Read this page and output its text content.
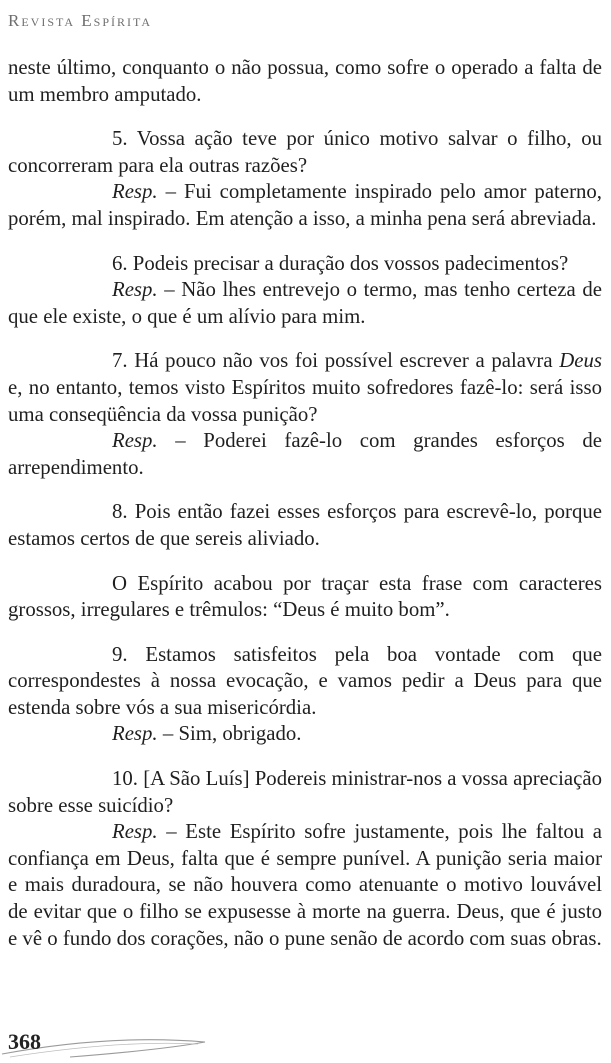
Revista Espírita

neste último, conquanto o não possua, como sofre o operado a falta de um membro amputado.

5. Vossa ação teve por único motivo salvar o filho, ou concorreram para ela outras razões?

Resp. – Fui completamente inspirado pelo amor paterno, porém, mal inspirado. Em atenção a isso, a minha pena será abreviada.

6. Podeis precisar a duração dos vossos padecimentos?

Resp. – Não lhes entrevejo o termo, mas tenho certeza de que ele existe, o que é um alívio para mim.

7. Há pouco não vos foi possível escrever a palavra Deus e, no entanto, temos visto Espíritos muito sofredores fazê-lo: será isso uma conseqüência da vossa punição?

Resp. – Poderei fazê-lo com grandes esforços de arrependimento.

8. Pois então fazei esses esforços para escrevê-lo, porque estamos certos de que sereis aliviado.

O Espírito acabou por traçar esta frase com caracteres grossos, irregulares e trêmulos: “Deus é muito bom”.

9. Estamos satisfeitos pela boa vontade com que correspondestes à nossa evocação, e vamos pedir a Deus para que estenda sobre vós a sua misericórdia.

Resp. – Sim, obrigado.

10. [A São Luís] Podereis ministrar-nos a vossa apreciação sobre esse suicídio?

Resp. – Este Espírito sofre justamente, pois lhe faltou a confiança em Deus, falta que é sempre punível. A punição seria maior e mais duradoura, se não houvera como atenuante o motivo louvável de evitar que o filho se expusesse à morte na guerra. Deus, que é justo e vê o fundo dos corações, não o pune senão de acordo com suas obras.

368
